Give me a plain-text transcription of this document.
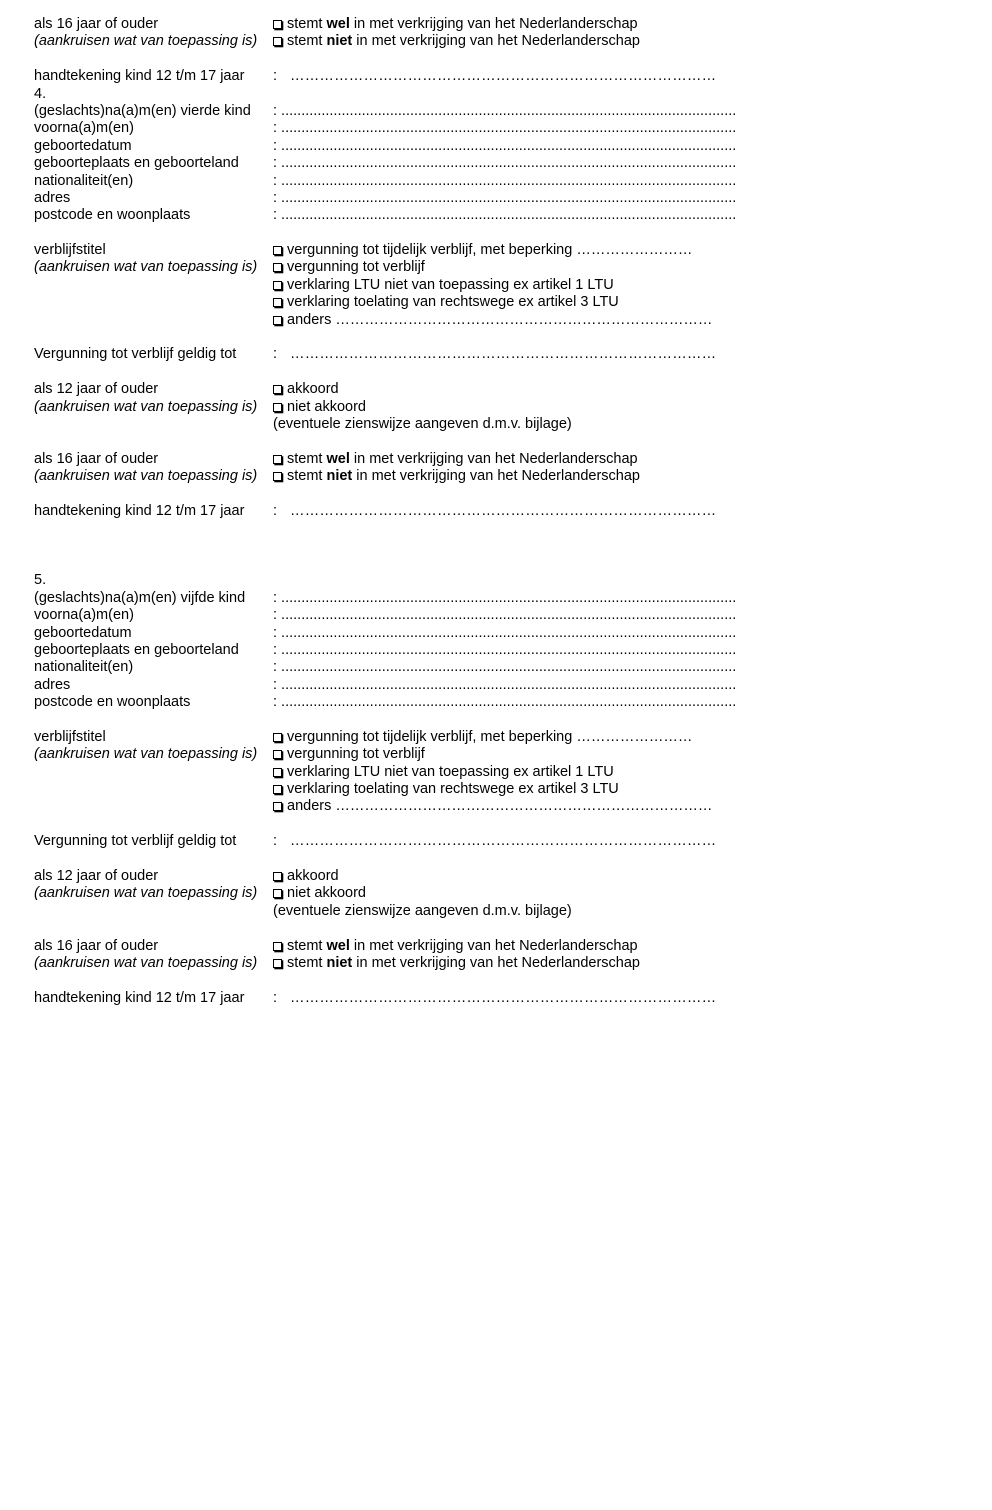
als 16 jaar of ouder	stemt wel in met verkrijging van het Nederlanderschap
(aankruisen wat van toepassing is)	stemt niet in met verkrijging van het Nederlanderschap
handtekening kind 12 t/m 17 jaar	: ……………………………………………………………………………
4.
(geslachts)na(a)m(en) vierde kind	: .................................................................................................................
voorna(a)m(en)	: .................................................................................................................
geboortedatum	: .................................................................................................................
geboorteplaats en geboorteland	: .................................................................................................................
nationaliteit(en)	: .................................................................................................................
adres	: .................................................................................................................
postcode en woonplaats	: .................................................................................................................
verblijfstitel	vergunning tot tijdelijk verblijf, met beperking ……………………
(aankruisen wat van toepassing is)	vergunning tot verblijf
verklaring LTU niet van toepassing ex artikel 1 LTU
verklaring toelating van rechtswege ex artikel 3 LTU
anders ……………………………………………………………………
Vergunning tot verblijf geldig tot	: ……………………………………………………………………………
als 12 jaar of ouder	akkoord
(aankruisen wat van toepassing is)	niet akkoord
(eventuele zienswijze aangeven d.m.v. bijlage)
als 16 jaar of ouder	stemt wel in met verkrijging van het Nederlanderschap
(aankruisen wat van toepassing is)	stemt niet in met verkrijging van het Nederlanderschap
handtekening kind 12 t/m 17 jaar	: ……………………………………………………………………………
5.
(geslachts)na(a)m(en) vijfde kind	: .................................................................................................................
voorna(a)m(en)	: .................................................................................................................
geboortedatum	: .................................................................................................................
geboorteplaats en geboorteland	: .................................................................................................................
nationaliteit(en)	: .................................................................................................................
adres	: .................................................................................................................
postcode en woonplaats	: .................................................................................................................
verblijfstitel	vergunning tot tijdelijk verblijf, met beperking ……………………
(aankruisen wat van toepassing is)	vergunning tot verblijf
verklaring LTU niet van toepassing ex artikel 1 LTU
verklaring toelating van rechtswege ex artikel 3 LTU
anders ……………………………………………………………………
Vergunning tot verblijf geldig tot	: ……………………………………………………………………………
als 12 jaar of ouder	akkoord
(aankruisen wat van toepassing is)	niet akkoord
(eventuele zienswijze aangeven d.m.v. bijlage)
als 16 jaar of ouder	stemt wel in met verkrijging van het Nederlanderschap
(aankruisen wat van toepassing is)	stemt niet in met verkrijging van het Nederlanderschap
handtekening kind 12 t/m 17 jaar	: ……………………………………………………………………………
